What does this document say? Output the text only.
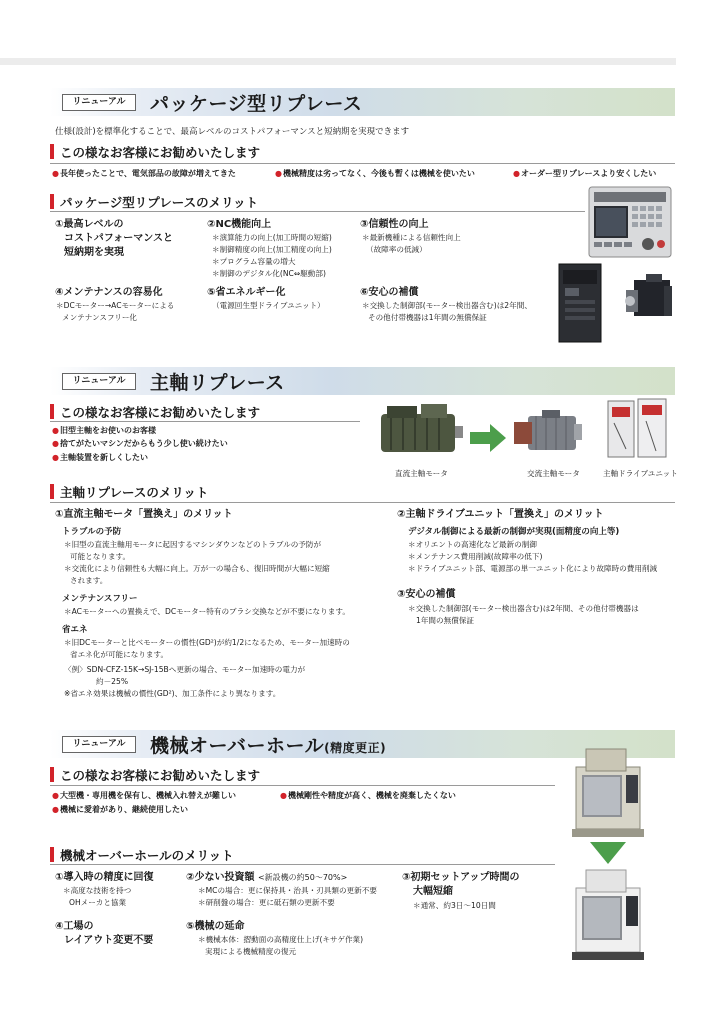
リニューアル	パッケージ型リプレース
仕様(設計)を標準化することで、最高レベルのコストパフォーマンスと短納期を実現できます
この様なお客様にお勧めいたします
● 長年使ったことで、電気部品の故障が増えてきた	● 機械精度は劣ってなく、今後も暫くは機械を使いたい	● オーダー型リプレースより安くしたい
パッケージ型リプレースのメリット
①最高レベルの
コストパフォーマンスと
短納期を実現
②NC機能向上
＊演算能力の向上(加工時間の短縮)
＊制御精度の向上(加工精度の向上)
＊プログラム容量の増大
＊制御のデジタル化(NC⇔駆動部)
③信頼性の向上
＊最新機種による信頼性向上
（故障率の低減）
④メンテナンスの容易化
＊DCモーター→ACモーターによる
メンテナンスフリー化
⑤省エネルギー化
（電源回生型ドライブユニット）
⑥安心の補償
＊交換した制御部(モーター検出器含む)は2年間、
その他付帯機器は1年間の無償保証
リニューアル	主軸リプレース
この様なお客様にお勧めいたします
● 旧型主軸をお使いのお客様
● 捨てがたいマシンだからもう少し使い続けたい
● 主軸装置を新しくしたい
直流主軸モータ	交流主軸モータ	主軸ドライブユニット
主軸リプレースのメリット
①直流主軸モータ「置換え」のメリット
トラブルの予防
＊旧型の直流主軸用モータに起因するマシンダウンなどのトラブルの予防が
可能となります。
＊交流化により信頼性も大幅に向上。万が一の場合も、復旧時間が大幅に短縮
されます。
メンテナンスフリー
＊ACモーターへの置換えで、DCモーター特有のブラシ交換などが不要になります。
省エネ
＊旧DCモーターと比べモーターの慣性(GD²)が約1/2になるため、モーター加速時の
省エネ化が可能になります。
〈例〉SDN-CFZ-15K→SJ-15Bへ更新の場合、モーター加速時の電力が
約－25%
※省エネ効果は機械の慣性(GD²)、加工条件により異なります。
②主軸ドライブユニット「置換え」のメリット
デジタル制御による最新の制御が実現(面精度の向上等)
＊オリエントの高速化など最新の制御
＊メンテナンス費用削減(故障率の低下)
＊ドライブユニット部、電源部の単一ユニット化により故障時の費用削減
③安心の補償
＊交換した制御部(モーター検出器含む)は2年間、その他付帯機器は
1年間の無償保証
リニューアル	機械オーバーホール(精度更正)
この様なお客様にお勧めいたします
● 大型機・専用機を保有し、機械入れ替えが難しい	● 機械剛性や精度が高く、機械を廃棄したくない
● 機械に愛着があり、継続使用したい
機械オーバーホールのメリット
①導入時の精度に回復
＊高度な技術を持つ
OHメーカと協業
②少ない投資額 <新設機の約50〜70%>
＊MCの場合：更に保持具・治具・刃具類の更新不要
＊研削盤の場合：更に砥石類の更新不要
③初期セットアップ時間の
大幅短縮
＊通常、約3日〜10日間
④工場の
レイアウト変更不要
⑤機械の延命
＊機械本体：摺動面の高精度仕上げ(キサゲ作業)
実現による機械精度の復元
